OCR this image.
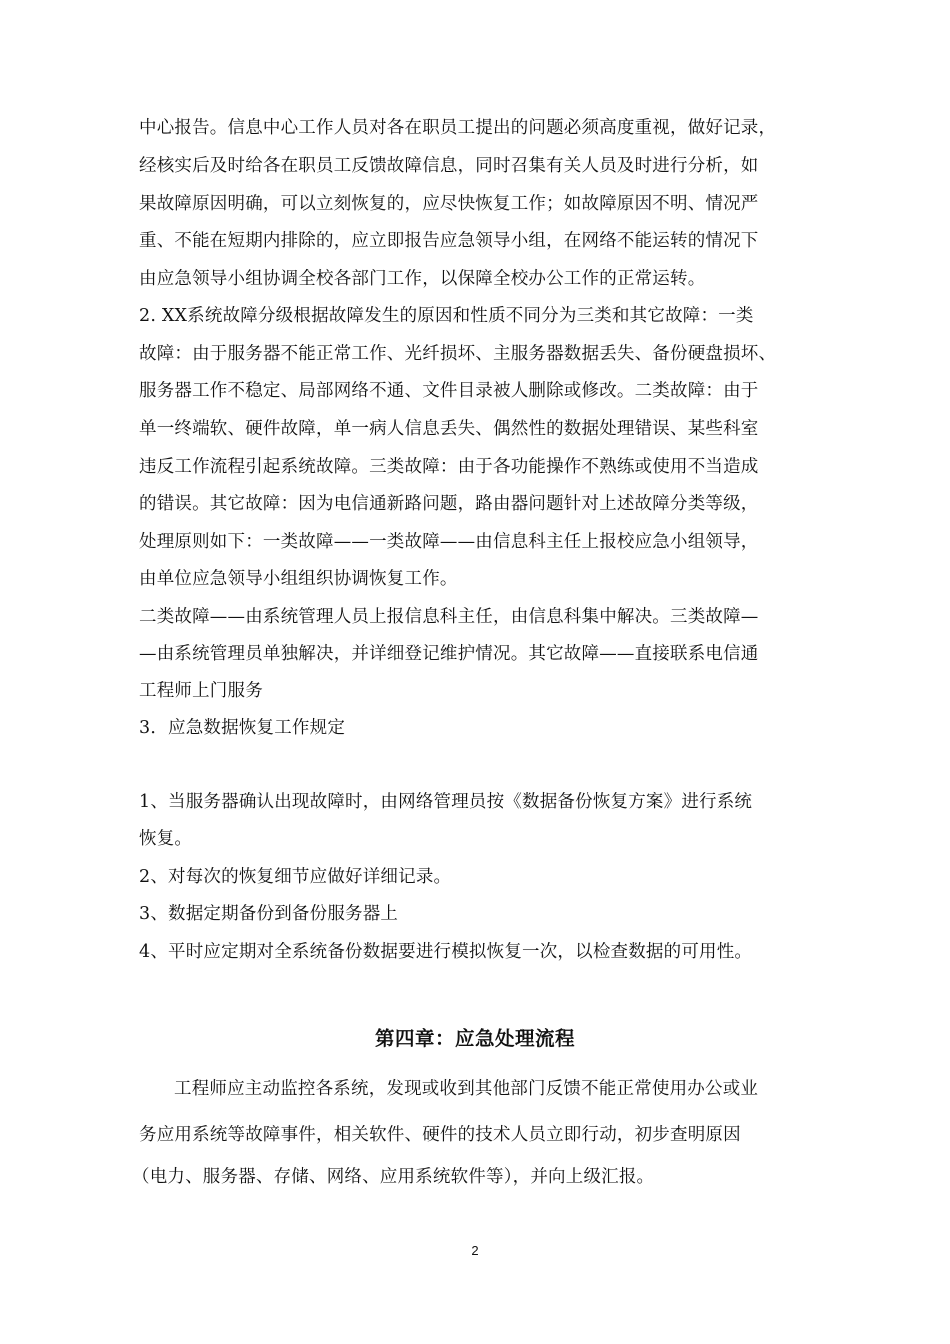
中心报告。信息中心工作人员对各在职员工提出的问题必须高度重视，做好记录，
经核实后及时给各在职员工反馈故障信息，同时召集有关人员及时进行分析，如
果故障原因明确，可以立刻恢复的，应尽快恢复工作；如故障原因不明、情况严
重、不能在短期内排除的，应立即报告应急领导小组，在网络不能运转的情况下
由应急领导小组协调全校各部门工作，以保障全校办公工作的正常运转。
2. XX系统故障分级根据故障发生的原因和性质不同分为三类和其它故障：一类
故障：由于服务器不能正常工作、光纤损坏、主服务器数据丢失、备份硬盘损坏、
服务器工作不稳定、局部网络不通、文件目录被人删除或修改。二类故障：由于
单一终端软、硬件故障，单一病人信息丢失、偶然性的数据处理错误、某些科室
违反工作流程引起系统故障。三类故障：由于各功能操作不熟练或使用不当造成
的错误。其它故障：因为电信通新路问题，路由器问题针对上述故障分类等级，
处理原则如下：一类故障——一类故障——由信息科主任上报校应急小组领导，
由单位应急领导小组组织协调恢复工作。
二类故障——由系统管理人员上报信息科主任，由信息科集中解决。三类故障—
—由系统管理员单独解决，并详细登记维护情况。其它故障——直接联系电信通
工程师上门服务
3．应急数据恢复工作规定
1、当服务器确认出现故障时，由网络管理员按《数据备份恢复方案》进行系统
恢复。
2、对每次的恢复细节应做好详细记录。
3、数据定期备份到备份服务器上
4、平时应定期对全系统备份数据要进行模拟恢复一次，以检查数据的可用性。
第四章：应急处理流程
工程师应主动监控各系统，发现或收到其他部门反馈不能正常使用办公或业
务应用系统等故障事件，相关软件、硬件的技术人员立即行动，初步查明原因
（电力、服务器、存储、网络、应用系统软件等），并向上级汇报。
2
